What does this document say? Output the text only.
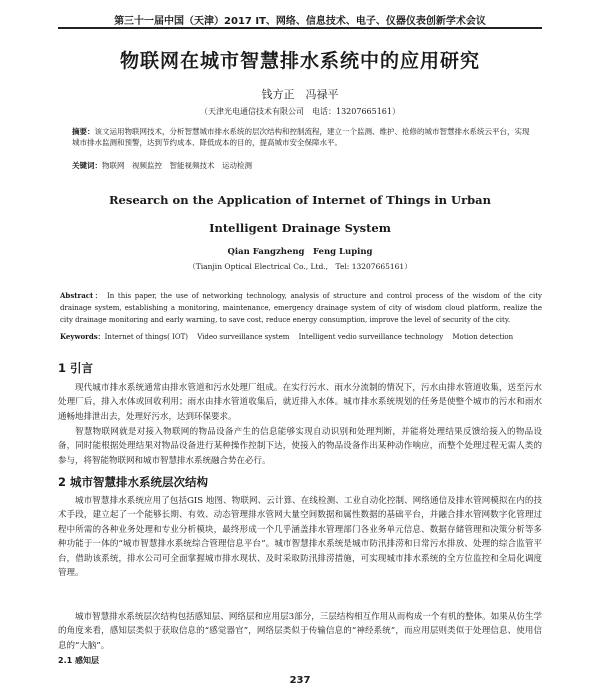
第三十一届中国（天津）2017 IT、网络、信息技术、电子、仪器仪表创新学术会议
物联网在城市智慧排水系统中的应用研究
钱方正　冯禄平
（天津光电通信技术有限公司　电话：13207665161）
摘要：该文运用物联网技术，分析智慧城市排水系统的层次结构和控制流程，建立一个监测、维护、抢修的城市智慧排水系统云平台，实现城市排水监测和预警，达到节约成本、降低成本的目的，提高城市安全保障水平。
关键词：物联网　视频监控　智能视频技术　运动检测
Research on the Application of Internet of Things in Urban
Intelligent Drainage System
Qian Fangzheng　Feng Luping
（Tianjin Optical Electrical Co., Ltd.,　Tel: 13207665161）
Abstract： In this paper, the use of networking technology, analysis of structure and control process of the wisdom of the city drainage system, establishing a monitoring, maintenance, emergency drainage system of city of wisdom cloud platform, realize the city drainage monitoring and early warning, to save cost, reduce energy consumption, improve the level of security of the city.
Keywords：Internet of things( IOT)　 Video surveillance system　 Intelligent vedio surveillance technology　 Motion detection
1 引言
现代城市排水系统通常由排水管道和污水处理厂组成。在实行污水、雨水分流制的情况下，污水由排水管道收集，送至污水处理厂后，排入水体或回收利用；雨水由排水管道收集后，就近排入水体。城市排水系统规划的任务是使整个城市的污水和雨水通畅地排泄出去，处理好污水，达到环保要求。
智慧物联网就是对接入物联网的物品设备产生的信息能够实现自动识别和处理判断，并能将处理结果反馈给接入的物品设备，同时能根据处理结果对物品设备进行某种操作控制下达，使接入的物品设备作出某种动作响应，而整个处理过程无需人类的参与，将智能物联网和城市智慧排水系统融合势在必行。
2 城市智慧排水系统层次结构
城市智慧排水系统应用了包括GIS 地图、物联网、云计算、在线检测、工业自动化控制、网络通信及排水管网模拟在内的技术手段，建立起了一个能够长期、有效、动态管理排水管网大量空间数据和属性数据的基础平台，并融合排水管网数字化管理过程中所需的各种业务处理和专业分析模块，最终形成一个几乎涵盖排水管理部门各业务单元信息、数据存储管理和决策分析等多种功能于一体的“城市智慧排水系统综合管理信息平台”。城市智慧排水系统是城市防汛排涝和日常污水排放、处理的综合监管平台，借助该系统，排水公司可全面掌握城市排水现状、及时采取防汛排涝措施，可实现城市排水系统的全方位监控和全局化调度管理。
城市智慧排水系统层次结构包括感知层、网络层和应用层3部分，三层结构相互作用从而构成一个有机的整体。如果从仿生学的角度来看，感知层类似于获取信息的“感觉器官”，网络层类似于传输信息的“神经系统”，而应用层则类似于处理信息、使用信息的“大脑”。
2.1 感知层
237
